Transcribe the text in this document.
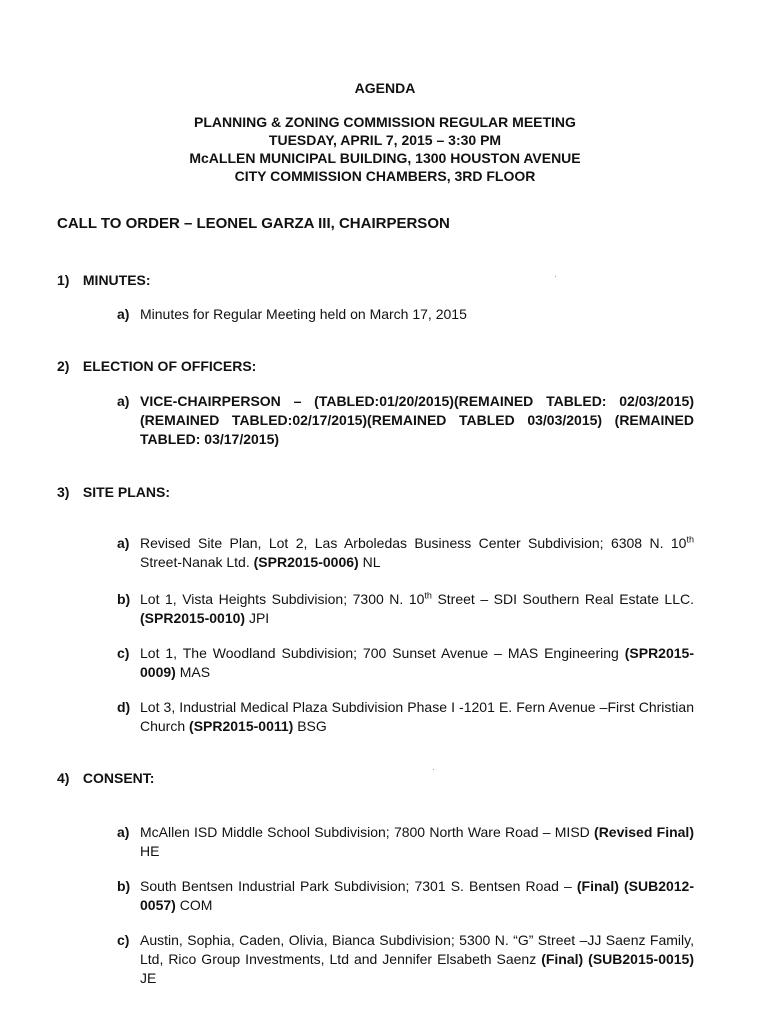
AGENDA
PLANNING & ZONING COMMISSION REGULAR MEETING
TUESDAY, APRIL 7, 2015 – 3:30 PM
McALLEN MUNICIPAL BUILDING, 1300 HOUSTON AVENUE
CITY COMMISSION CHAMBERS, 3RD FLOOR
CALL TO ORDER – LEONEL GARZA III, CHAIRPERSON
1) MINUTES:
a) Minutes for Regular Meeting held on March 17, 2015
2) ELECTION OF OFFICERS:
a) VICE-CHAIRPERSON – (TABLED:01/20/2015)(REMAINED TABLED: 02/03/2015)(REMAINED TABLED:02/17/2015)(REMAINED TABLED 03/03/2015) (REMAINED TABLED: 03/17/2015)
3) SITE PLANS:
a) Revised Site Plan, Lot 2, Las Arboledas Business Center Subdivision; 6308 N. 10th Street-Nanak Ltd. (SPR2015-0006) NL
b) Lot 1, Vista Heights Subdivision; 7300 N. 10th Street – SDI Southern Real Estate LLC. (SPR2015-0010) JPI
c) Lot 1, The Woodland Subdivision; 700 Sunset Avenue – MAS Engineering (SPR2015-0009) MAS
d) Lot 3, Industrial Medical Plaza Subdivision Phase I -1201 E. Fern Avenue –First Christian Church (SPR2015-0011) BSG
4) CONSENT:
a) McAllen ISD Middle School Subdivision; 7800 North Ware Road – MISD (Revised Final) HE
b) South Bentsen Industrial Park Subdivision; 7301 S. Bentsen Road – (Final) (SUB2012-0057) COM
c) Austin, Sophia, Caden, Olivia, Bianca Subdivision; 5300 N. “G” Street –JJ Saenz Family, Ltd, Rico Group Investments, Ltd and Jennifer Elsabeth Saenz (Final) (SUB2015-0015) JE
